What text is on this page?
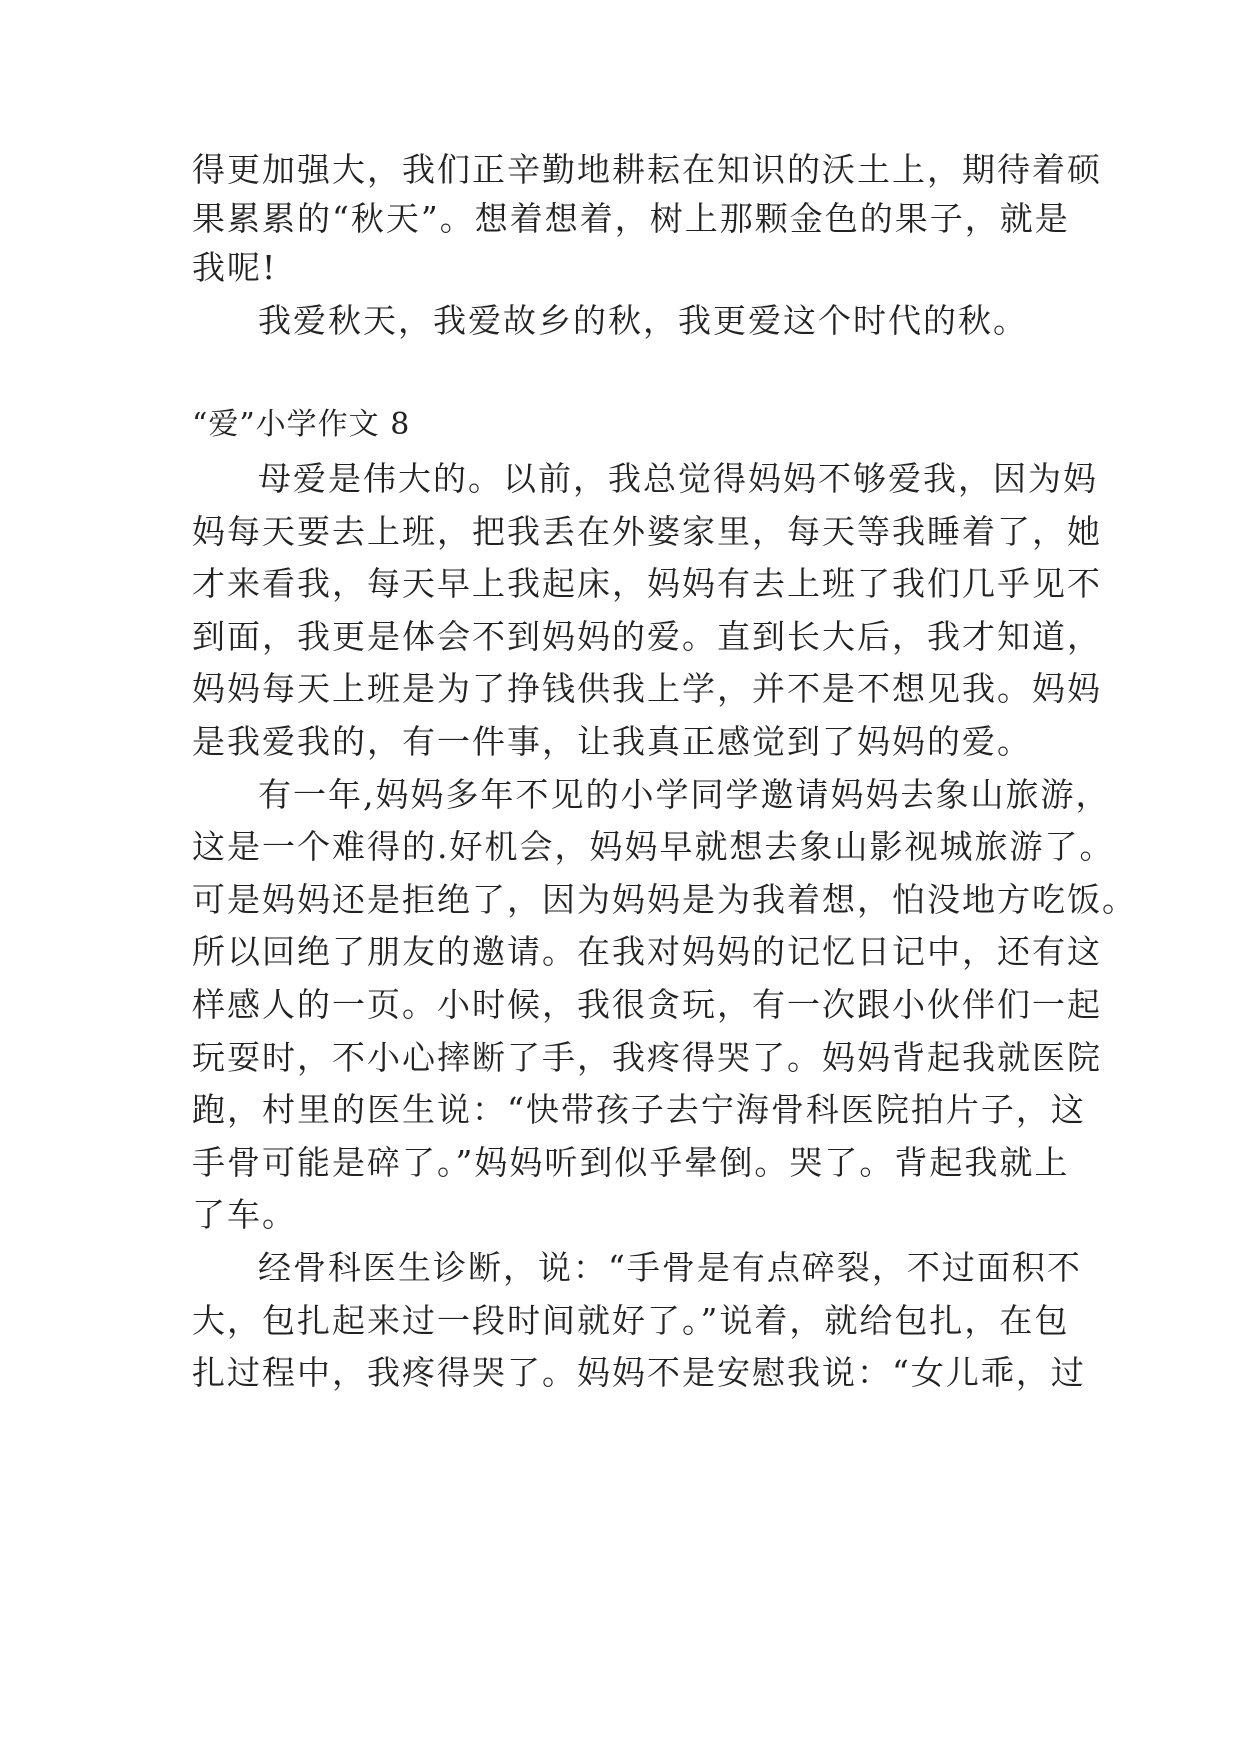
得更加强大，我们正辛勤地耕耘在知识的沃土上，期待着硕
果累累的“秋天”。想着想着，树上那颗金色的果子，就是
我呢!
我爱秋天，我爱故乡的秋，我更爱这个时代的秋。
“爱”小学作文 8
母爱是伟大的。以前，我总觉得妈妈不够爱我，因为妈
妈每天要去上班，把我丢在外婆家里，每天等我睡着了，她
才来看我，每天早上我起床，妈妈有去上班了我们几乎见不
到面，我更是体会不到妈妈的爱。直到长大后，我才知道，
妈妈每天上班是为了挣钱供我上学，并不是不想见我。妈妈
是我爱我的，有一件事，让我真正感觉到了妈妈的爱。
有一年,妈妈多年不见的小学同学邀请妈妈去象山旅游，
这是一个难得的.好机会，妈妈早就想去象山影视城旅游了。
可是妈妈还是拒绝了，因为妈妈是为我着想，怕没地方吃饭。
所以回绝了朋友的邀请。在我对妈妈的记忆日记中，还有这
样感人的一页。小时候，我很贪玩，有一次跟小伙伴们一起
玩耍时，不小心摔断了手，我疼得哭了。妈妈背起我就医院
跑，村里的医生说：“快带孩子去宁海骨科医院拍片子，这
手骨可能是碎了。”妈妈听到似乎晕倒。哭了。背起我就上
了车。
经骨科医生诊断，说：“手骨是有点碎裂，不过面积不
大，包扎起来过一段时间就好了。”说着，就给包扎，在包
扎过程中，我疼得哭了。妈妈不是安慰我说：“女儿乖，过
